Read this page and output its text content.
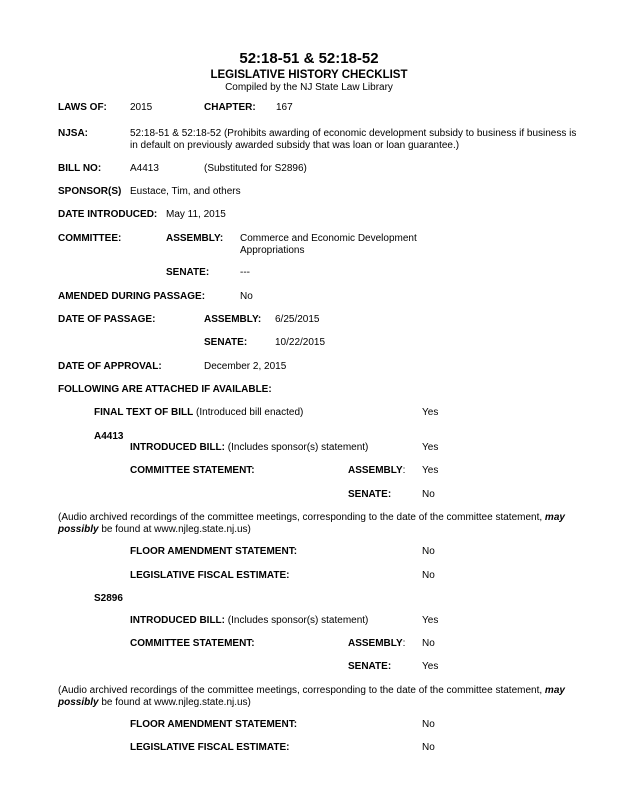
52:18-51 & 52:18-52
LEGISLATIVE HISTORY CHECKLIST
Compiled by the NJ State Law Library
LAWS OF: 2015	CHAPTER: 167
NJSA:	52:18-51 & 52:18-52 (Prohibits awarding of economic development subsidy to business if business is in default on previously awarded subsidy that was loan or loan guarantee.)
BILL NO:	A4413	(Substituted for S2896)
SPONSOR(S) Eustace, Tim, and others
DATE INTRODUCED: May 11, 2015
COMMITTEE:	ASSEMBLY: Commerce and Economic Development Appropriations
SENATE:	---
AMENDED DURING PASSAGE:	No
DATE OF PASSAGE:	ASSEMBLY: 6/25/2015
SENATE:	10/22/2015
DATE OF APPROVAL:	December 2, 2015
FOLLOWING ARE ATTACHED IF AVAILABLE:
FINAL TEXT OF BILL (Introduced bill enacted)	Yes
A4413
INTRODUCED BILL: (Includes sponsor(s) statement)	Yes
COMMITTEE STATEMENT:	ASSEMBLY: Yes
SENATE:	No
(Audio archived recordings of the committee meetings, corresponding to the date of the committee statement, may possibly be found at www.njleg.state.nj.us)
FLOOR AMENDMENT STATEMENT:	No
LEGISLATIVE FISCAL ESTIMATE:	No
S2896
INTRODUCED BILL: (Includes sponsor(s) statement)	Yes
COMMITTEE STATEMENT:	ASSEMBLY: No
SENATE:	Yes
(Audio archived recordings of the committee meetings, corresponding to the date of the committee statement, may possibly be found at www.njleg.state.nj.us)
FLOOR AMENDMENT STATEMENT:	No
LEGISLATIVE FISCAL ESTIMATE:	No
